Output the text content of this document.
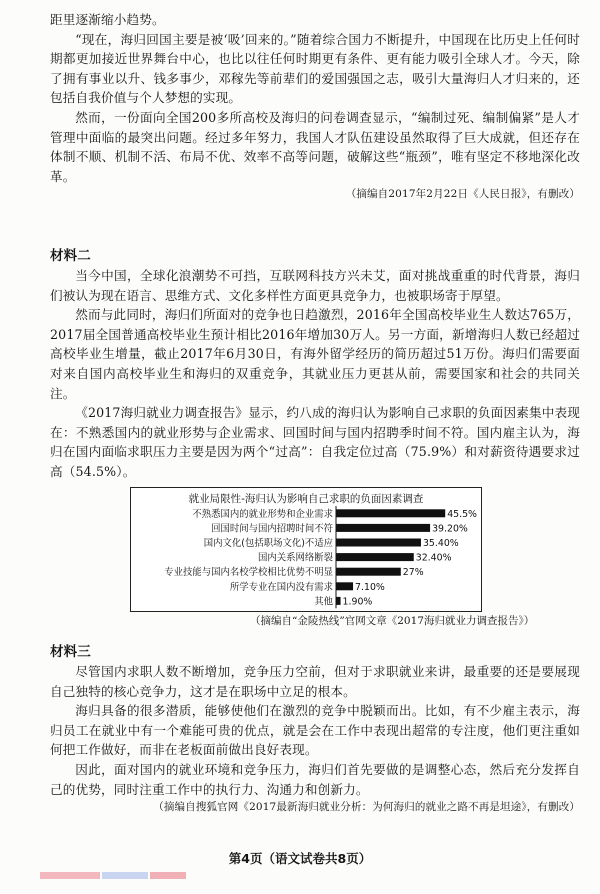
距里逐渐缩小趋势。

“现在，海归回国主要是被‘吸’回来的。”随着综合国力不断提升，中国现在比历史上任何时期都更加接近世界舞台中心，也比以往任何时期更有条件、更有能力吸引全球人才。今天，除了拥有事业以升、钱多事少，邓稼先等前辈们的爱国强国之志，吸引大量海归人才归来的，还包括自我价值与个人梦想的实现。

然而，一份面向全国200多所高校及海归的问卷调查显示，“编制过死、编制偏紧”是人才管理中面临的最突出问题。经过多年努力，我国人才队伍建设虽然取得了巨大成就，但还存在体制不顺、机制不活、布局不优、效率不高等问题，破解这些“瓶颈”，唯有坚定不移地深化改革。

（摘编自2017年2月22日《人民日报》，有删改）

材料二

当今中国，全球化浪潮势不可挡，互联网科技方兴未艾，面对挑战重重的时代背景，海归们被认为现在语言、思维方式、文化多样性方面更具竞争力，也被职场寄于厚望。

然而与此同时，海归们所面对的竞争也日趋激烈，2016年全国高校毕业生人数达765万，2017届全国普通高校毕业生预计相比2016年增加30万人。另一方面，新增海归人数已经超过高校毕业生增量，截止2017年6月30日，有海外留学经历的简历超过51万份。海归们需要面对来自国内高校毕业生和海归的双重竞争，其就业压力更甚从前，需要国家和社会的共同关注。

《2017海归就业力调查报告》显示，约八成的海归认为影响自己求职的负面因素集中表现在：不熟悉国内的就业形势与企业需求、回国时间与国内招聘季时间不符。国内雇主认为，海归在国内面临求职压力主要是因为两个“过高”：自我定位过高（75.9%）和对薪资待遇要求过高（54.5%）。

就业局限性-海归认为影响自己求职的负面因素调查
不熟悉国内的就业形势和企业需求	45.5%
回国时间与国内招聘时间不符	39.20%
国内文化(包括职场文化)不适应	35.40%
国内关系网络断裂	32.40%
专业技能与国内名校学校相比优势不明显	27%
所学专业在国内没有需求 7.10%
其他 1.90%
（摘编自“金陵热线”官网文章《2017海归就业力调查报告》）

材料三

尽管国内求职人数不断增加，竞争压力空前，但对于求职就业来讲，最重要的还是要展现自己独特的核心竞争力，这才是在职场中立足的根本。

海归具备的很多潜质，能够使他们在激烈的竞争中脱颖而出。比如，有不少雇主表示，海归员工在就业中有一个难能可贵的优点，就是会在工作中表现出超常的专注度，他们更注重如何把工作做好，而非在老板面前做出良好表现。

因此，面对国内的就业环境和竞争压力，海归们首先要做的是调整心态，然后充分发挥自己的优势，同时注重工作中的执行力、沟通力和创新力。

（摘编自搜狐官网《2017最新海归就业分析：为何海归的就业之路不再是坦途》，有删改）

第4页（语文试卷共8页）
